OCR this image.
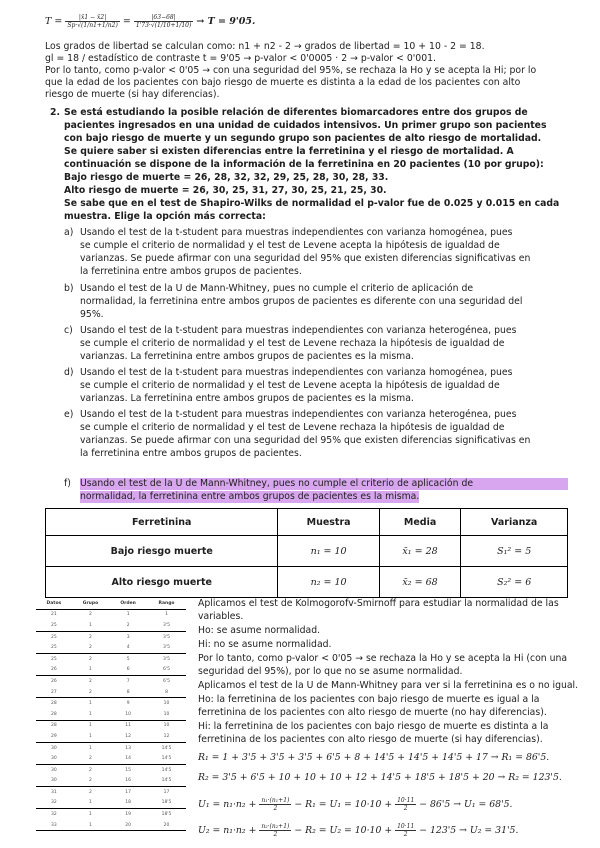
$T = \frac{|x̄1 - x̄2|}{Sp\cdot√(1/n1+1/n2)} = \frac{|63-68|}{1'73\cdot√(1/10+1/10)} \to T = 9'05$.
Los grados de libertad se calculan como: n1 + n2 - 2 → grados de libertad = 10 + 10 - 2 = 18.
gl = 18 / estadístico de contraste t = 9'05 → p-valor < 0'0005 · 2 → p-valor < 0'001.
Por lo tanto, como p-valor < 0'05 → con una seguridad del 95%, se rechaza la Ho y se acepta la Hi; por lo
que la edad de los pacientes con bajo riesgo de muerte es distinta a la edad de los pacientes con alto
riesgo de muerte (si hay diferencias).
2. Se está estudiando la posible relación de diferentes biomarcadores entre dos grupos de
pacientes ingresados en una unidad de cuidados intensivos. Un primer grupo son pacientes
con bajo riesgo de muerte y un segundo grupo son pacientes de alto riesgo de mortalidad.
Se quiere saber si existen diferencias entre la ferretinina y el riesgo de mortalidad. A
continuación se dispone de la información de la ferretinina en 20 pacientes (10 por grupo):
Bajo riesgo de muerte = 26, 28, 32, 32, 29, 25, 28, 30, 28, 33.
Alto riesgo de muerte = 26, 30, 25, 31, 27, 30, 25, 21, 25, 30.
Se sabe que en el test de Shapiro-Wilks de normalidad el p-valor fue de 0.025 y 0.015 en cada
muestra. Elige la opción más correcta:
a) Usando el test de la t-student para muestras independientes con varianza homogénea, pues
se cumple el criterio de normalidad y el test de Levene acepta la hipótesis de igualdad de
varianzas. Se puede afirmar con una seguridad del 95% que existen diferencias significativas en
la ferretinina entre ambos grupos de pacientes.
b) Usando el test de la U de Mann-Whitney, pues no cumple el criterio de aplicación de
normalidad, la ferretinina entre ambos grupos de pacientes es diferente con una seguridad del
95%.
c) Usando el test de la t-student para muestras independientes con varianza heterogénea, pues
se cumple el criterio de normalidad y el test de Levene rechaza la hipótesis de igualdad de
varianzas. La ferretinina entre ambos grupos de pacientes es la misma.
d) Usando el test de la t-student para muestras independientes con varianza homogénea, pues
se cumple el criterio de normalidad y el test de Levene acepta la hipótesis de igualdad de
varianzas. La ferretinina entre ambos grupos de pacientes es la misma.
e) Usando el test de la t-student para muestras independientes con varianza heterogénea, pues
se cumple el criterio de normalidad y el test de Levene rechaza la hipótesis de igualdad de
varianzas. Se puede afirmar con una seguridad del 95% que existen diferencias significativas en
la ferretinina entre ambos grupos de pacientes.
f) Usando el test de la U de Mann-Whitney, pues no cumple el criterio de aplicación de
normalidad, la ferretinina entre ambos grupos de pacientes es la misma.
Ferretinina	Muestra	Media	Varianza
Bajo riesgo muerte	n₁ = 10	x̄₁ = 28	S₁² = 5
Alto riesgo muerte	n₂ = 10	x̄₂ = 68	S₂² = 6
Datos	Grupo	Orden	Rango
21	2	1	1
25	1	2	3'5
25	2	3	3'5
25	2	4	3'5
25	2	5	3'5
26	1	6	6'5
26	2	7	6'5
27	2	8	8
28	1	9	10
28	1	10	10
28	1	11	10
29	1	12	12
30	1	13	14'5
30	2	14	14'5
30	2	15	14'5
30	2	16	14'5
31	2	17	17
32	1	18	18'5
32	1	19	18'5
33	1	20	20
Aplicamos el test de Kolmogorofv-Smirnoff para estudiar la normalidad de las
variables.
Ho: se asume normalidad.
Hi: no se asume normalidad.
Por lo tanto, como p-valor < 0'05 → se rechaza la Ho y se acepta la Hi (con una
seguridad del 95%), por lo que no se asume normalidad.
Aplicamos el test de la U de Mann-Whitney para ver si la ferretinina es o no igual.
Ho: la ferretinina de los pacientes con bajo riesgo de muerte es igual a la
ferretinina de los pacientes con alto riesgo de muerte (no hay diferencias).
Hi: la ferretinina de los pacientes con bajo riesgo de muerte es distinta a la
ferretinina de los pacientes con alto riesgo de muerte (si hay diferencias).
R₁ = 1 + 3'5 + 3'5 + 3'5 + 6'5 + 8 + 14'5 + 14'5 + 14'5 + 17 → R₁ = 86'5.
R₂ = 3'5 + 6'5 + 10 + 10 + 10 + 12 + 14'5 + 18'5 + 18'5 + 20 → R₂ = 123'5.
$U_1 = n_1\cdot n_2 + \frac{\text{n₁·(n₁+1)}}{2} - R_1 = U_1 = 10\cdot 10 + \frac{10\cdot 11}{2} - 86'5 \to U_1 = 68'5$.
$U_2 = n_1\cdot n_2 + \frac{\text{n₂·(n₂+1)}}{2} - R_2 = U_2 = 10\cdot 10 + \frac{10\cdot 11}{2} - 123'5 \to U_2 = 31'5$.
